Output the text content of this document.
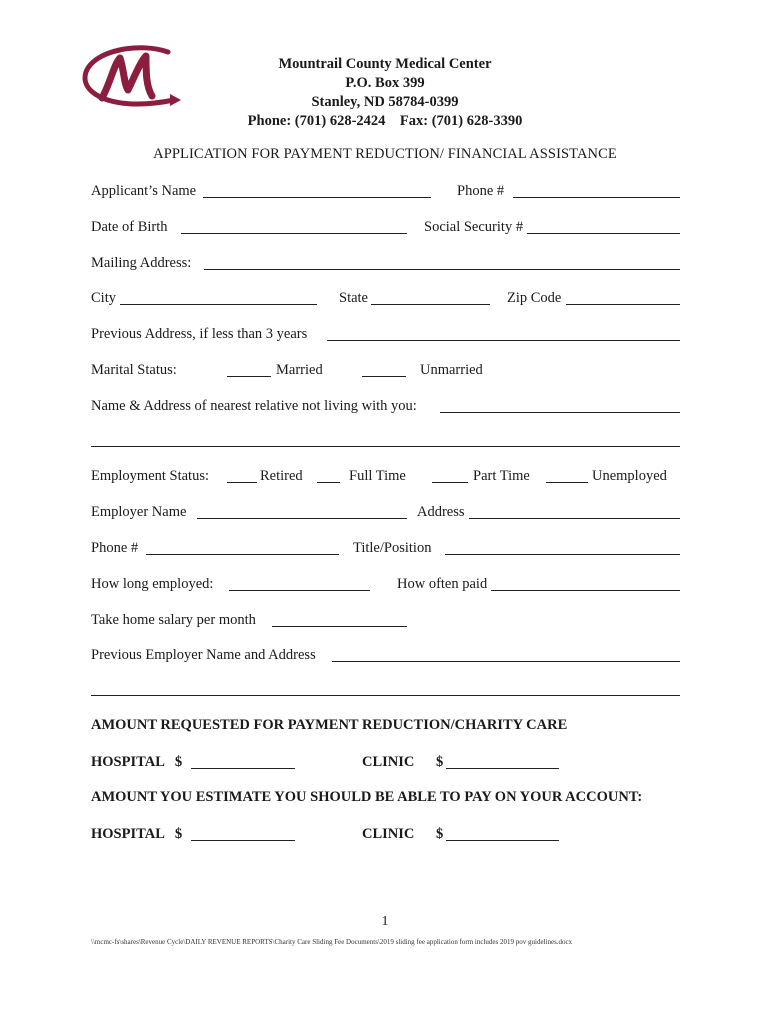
Mountrail County Medical Center
P.O. Box 399
Stanley, ND 58784-0399
Phone: (701) 628-2424    Fax: (701) 628-3390
APPLICATION FOR PAYMENT REDUCTION/ FINANCIAL ASSISTANCE
Applicant’s Name	Phone #
Date of Birth	Social Security #
Mailing Address:
City	State	Zip Code
Previous Address, if less than 3 years
Marital Status:	Married	Unmarried
Name & Address of nearest relative not living with you:
Employment Status:	Retired	Full Time	Part Time	Unemployed
Employer Name	Address
Phone #	Title/Position
How long employed:	How often paid
Take home salary per month
Previous Employer Name and Address
AMOUNT REQUESTED FOR PAYMENT REDUCTION/CHARITY CARE
HOSPITAL   $	CLINIC $
AMOUNT YOU ESTIMATE YOU SHOULD BE ABLE TO PAY ON YOUR ACCOUNT:
HOSPITAL   $	CLINIC $
1
\\mcmc-fs\shares\Revenue Cycle\DAILY REVENUE REPORTS\Charity Care Sliding Fee Documents\2019 sliding fee application form includes 2019 pov guidelines.docx
